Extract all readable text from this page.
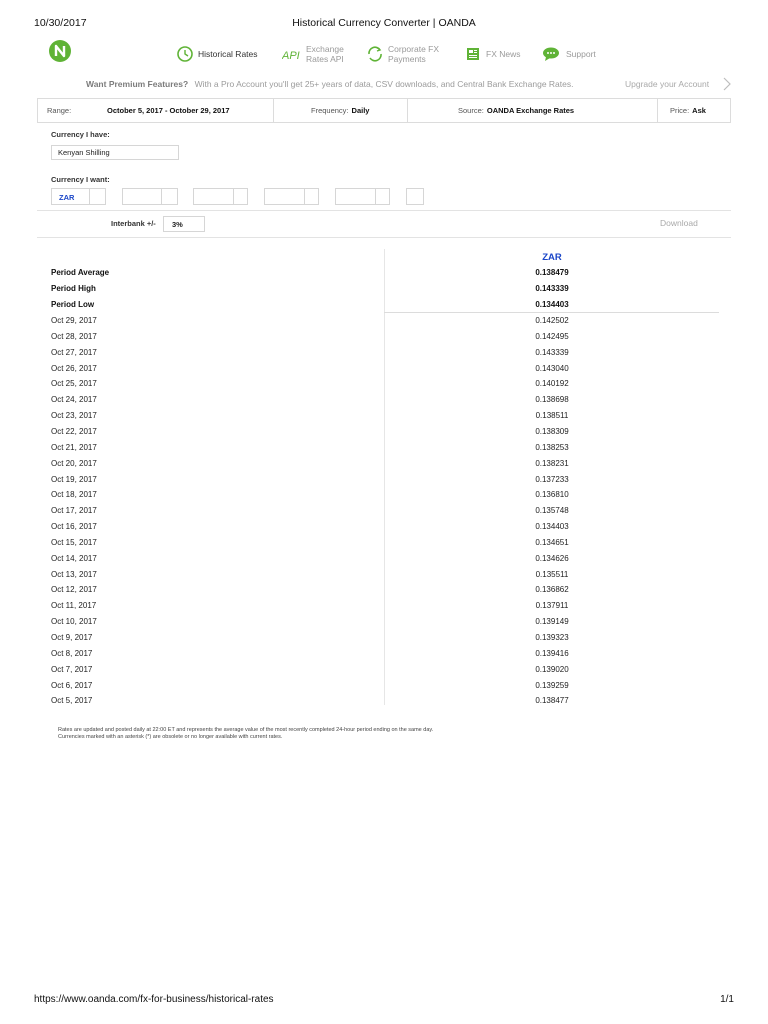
10/30/2017	Historical Currency Converter | OANDA
Historical Rates API
Exchange
Rates API
Corporate FX
Payments	FX News	Support
Want Premium Features? With a Pro Account you'll get 25+ years of data, CSV downloads, and Central Bank Exchange Rates.	Upgrade your Account
Range:	October 5, 2017 - October 29, 2017	Frequency: Daily	Source: OANDA Exchange Rates	Price: Ask
Currency I have:
Kenyan Shilling
Currency I want:
ZAR
Interbank +/-	3%	Download
ZAR
Period Average	0.138479
Period High	0.143339
Period Low	0.134403
Oct 29, 2017	0.142502
Oct 28, 2017	0.142495
Oct 27, 2017	0.143339
Oct 26, 2017	0.143040
Oct 25, 2017	0.140192
Oct 24, 2017	0.138698
Oct 23, 2017	0.138511
Oct 22, 2017	0.138309
Oct 21, 2017	0.138253
Oct 20, 2017	0.138231
Oct 19, 2017	0.137233
Oct 18, 2017	0.136810
Oct 17, 2017	0.135748
Oct 16, 2017	0.134403
Oct 15, 2017	0.134651
Oct 14, 2017	0.134626
Oct 13, 2017	0.135511
Oct 12, 2017	0.136862
Oct 11, 2017	0.137911
Oct 10, 2017	0.139149
Oct 9, 2017	0.139323
Oct 8, 2017	0.139416
Oct 7, 2017	0.139020
Oct 6, 2017	0.139259
Oct 5, 2017	0.138477
Rates are updated and posted daily at 22:00 ET and represents the average value of the most recently completed 24-hour period ending on the same day.
Currencies marked with an asterisk (*) are obsolete or no longer available with current rates.
https://www.oanda.com/fx-for-business/historical-rates	1/1
